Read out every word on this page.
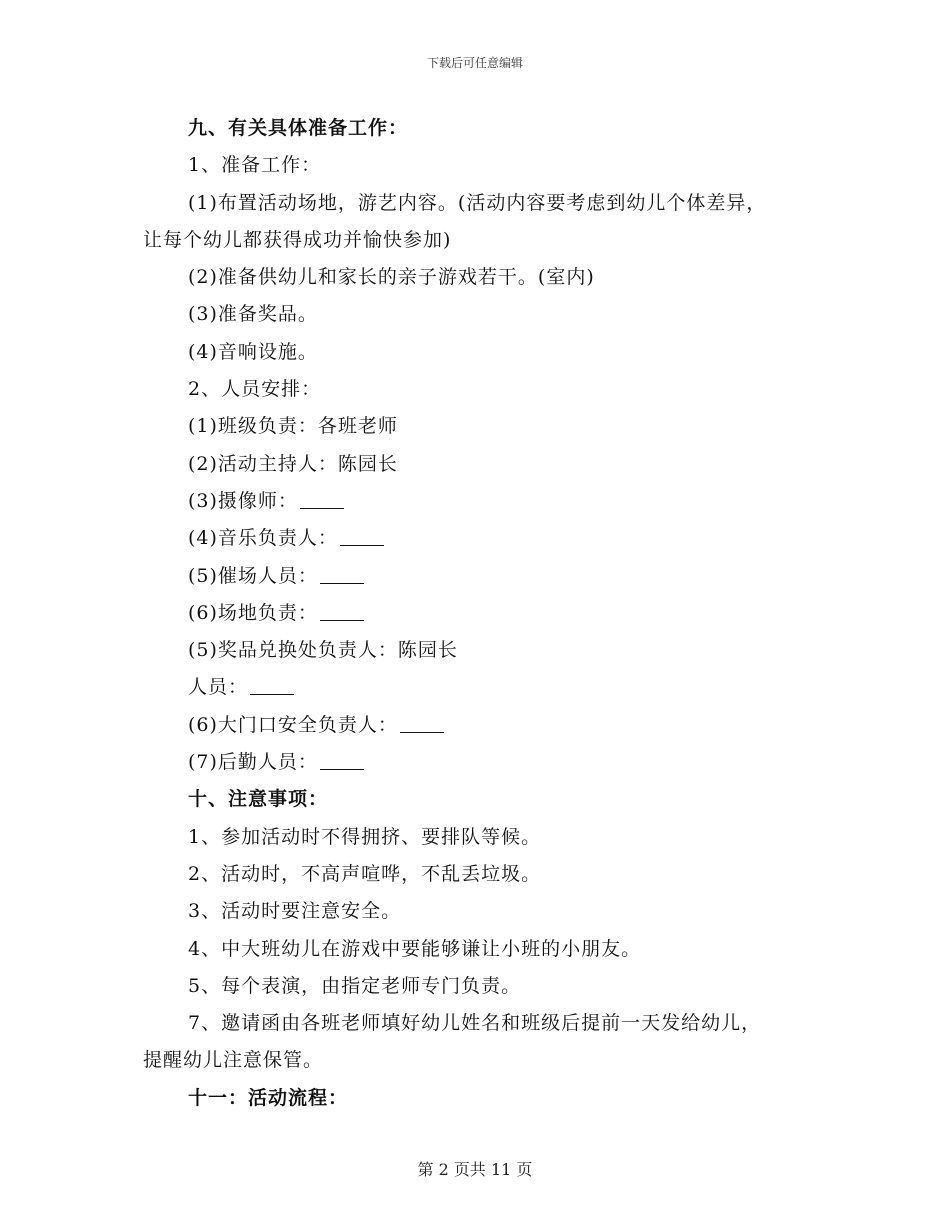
下载后可任意编辑
九、有关具体准备工作：
1、准备工作：
(1)布置活动场地，游艺内容。(活动内容要考虑到幼儿个体差异，
让每个幼儿都获得成功并愉快参加)
(2)准备供幼儿和家长的亲子游戏若干。(室内)
(3)准备奖品。
(4)音响设施。
2、人员安排：
(1)班级负责：各班老师
(2)活动主持人：陈园长
(3)摄像师：
(4)音乐负责人：
(5)催场人员：
(6)场地负责：
(5)奖品兑换处负责人：陈园长
人员：
(6)大门口安全负责人：
(7)后勤人员：
十、注意事项：
1、参加活动时不得拥挤、要排队等候。
2、活动时，不高声喧哗，不乱丢垃圾。
3、活动时要注意安全。
4、中大班幼儿在游戏中要能够谦让小班的小朋友。
5、每个表演，由指定老师专门负责。
7、邀请函由各班老师填好幼儿姓名和班级后提前一天发给幼儿，
提醒幼儿注意保管。
十一：活动流程：
第 2 页共 11 页
